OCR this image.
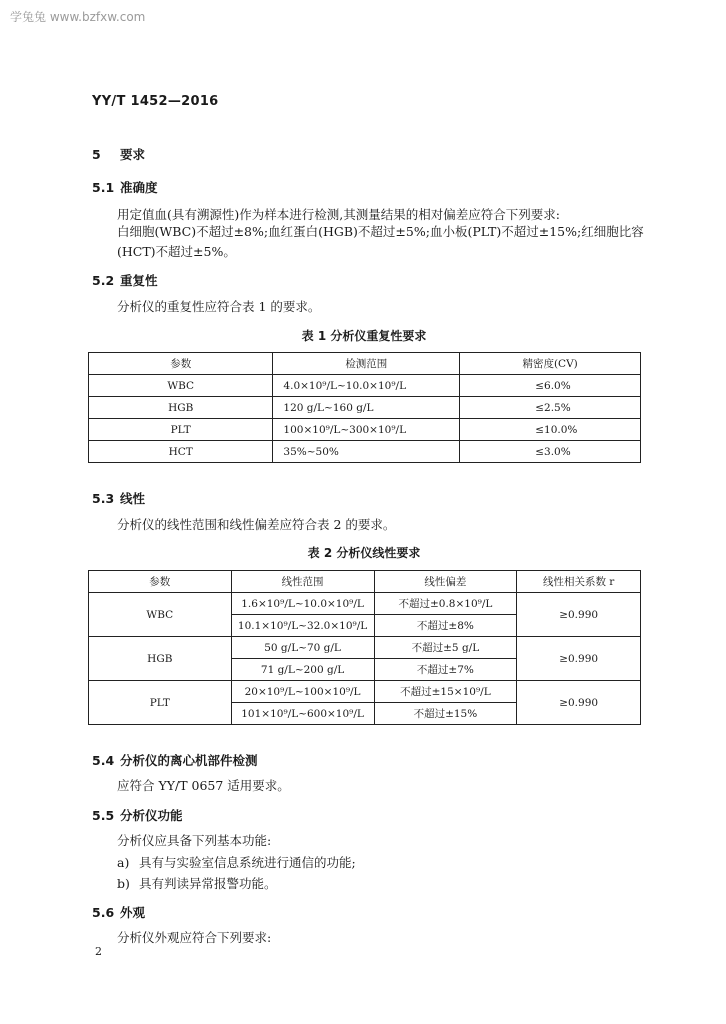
学兔兔 www.bzfxw.com
YY/T 1452—2016
5 要求
5.1 准确度
用定值血(具有溯源性)作为样本进行检测,其测量结果的相对偏差应符合下列要求:
白细胞(WBC)不超过±8%;血红蛋白(HGB)不超过±5%;血小板(PLT)不超过±15%;红细胞比容(HCT)不超过±5%。
5.2 重复性
分析仪的重复性应符合表 1 的要求。
表 1 分析仪重复性要求
参数	检测范围	精密度(CV)
WBC	4.0×10⁹/L~10.0×10⁹/L	≤6.0%
HGB	120 g/L~160 g/L	≤2.5%
PLT	100×10⁹/L~300×10⁹/L	≤10.0%
HCT	35%~50%	≤3.0%
5.3 线性
分析仪的线性范围和线性偏差应符合表 2 的要求。
表 2 分析仪线性要求
参数	线性范围	线性偏差	线性相关系数 r
WBC	1.6×10⁹/L~10.0×10⁹/L	不超过±0.8×10⁹/L	≥0.990
	10.1×10⁹/L~32.0×10⁹/L	不超过±8%	
HGB	50 g/L~70 g/L	不超过±5 g/L	≥0.990
	71 g/L~200 g/L	不超过±7%	
PLT	20×10⁹/L~100×10⁹/L	不超过±15×10⁹/L	≥0.990
	101×10⁹/L~600×10⁹/L	不超过±15%	
5.4 分析仪的离心机部件检测
应符合 YY/T 0657 适用要求。
5.5 分析仪功能
分析仪应具备下列基本功能:
a) 具有与实验室信息系统进行通信的功能;
b) 具有判读异常报警功能。
5.6 外观
分析仪外观应符合下列要求:
2
